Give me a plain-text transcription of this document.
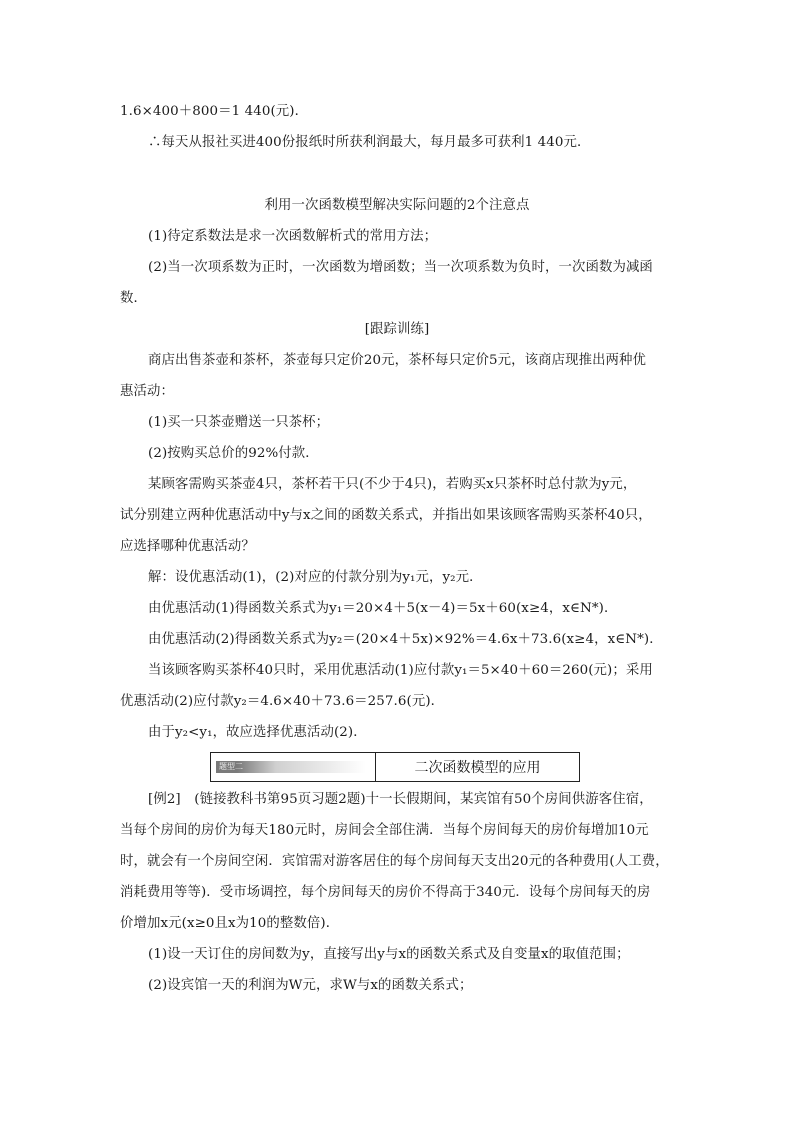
1.6×400＋800＝1 440(元)．
∴每天从报社买进400份报纸时所获利润最大，每月最多可获利1 440元．
利用一次函数模型解决实际问题的2个注意点
(1)待定系数法是求一次函数解析式的常用方法；
(2)当一次项系数为正时，一次函数为增函数；当一次项系数为负时，一次函数为减函
数．
[跟踪训练]
商店出售茶壶和茶杯，茶壶每只定价20元，茶杯每只定价5元，该商店现推出两种优
惠活动：
(1)买一只茶壶赠送一只茶杯；
(2)按购买总价的92%付款．
某顾客需购买茶壶4只，茶杯若干只(不少于4只)，若购买x只茶杯时总付款为y元，
试分别建立两种优惠活动中y与x之间的函数关系式，并指出如果该顾客需购买茶杯40只，
应选择哪种优惠活动？
解：设优惠活动(1)，(2)对应的付款分别为y₁元，y₂元．
由优惠活动(1)得函数关系式为y₁＝20×4＋5(x－4)＝5x＋60(x≥4，x∈N*)．
由优惠活动(2)得函数关系式为y₂＝(20×4＋5x)×92%＝4.6x＋73.6(x≥4，x∈N*)．
当该顾客购买茶杯40只时，采用优惠活动(1)应付款y₁＝5×40＋60＝260(元)；采用
优惠活动(2)应付款y₂＝4.6×40＋73.6＝257.6(元)．
由于y₂<y₁，故应选择优惠活动(2)．
题型二	二次函数模型的应用
[例2]　(链接教科书第95页习题2题)十一长假期间，某宾馆有50个房间供游客住宿，
当每个房间的房价为每天180元时，房间会全部住满．当每个房间每天的房价每增加10元
时，就会有一个房间空闲．宾馆需对游客居住的每个房间每天支出20元的各种费用(人工费，
消耗费用等等)．受市场调控，每个房间每天的房价不得高于340元．设每个房间每天的房
价增加x元(x≥0且x为10的整数倍)．
(1)设一天订住的房间数为y，直接写出y与x的函数关系式及自变量x的取值范围；
(2)设宾馆一天的利润为W元，求W与x的函数关系式；
